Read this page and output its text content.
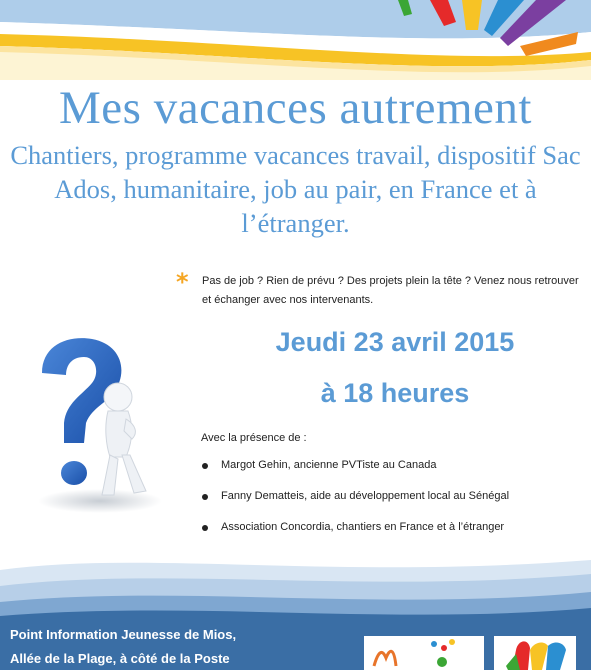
Mes vacances autrement
Chantiers, programme vacances travail, dispositif Sac Ados, humanitaire, job au pair, en France et à l’étranger.
* Pas de job ? Rien de prévu ? Des projets plein la tête ? Venez nous retrouver et échanger avec nos intervenants.
Jeudi 23 avril 2015
à 18 heures
Avec la présence de :
Margot Gehin, ancienne PVTiste au Canada
Fanny Dematteis, aide au développement local au Sénégal
Association Concordia, chantiers en France et à l’étranger
Point Information Jeunesse de Mios,
Allée de la Plage, à côté de la Poste
